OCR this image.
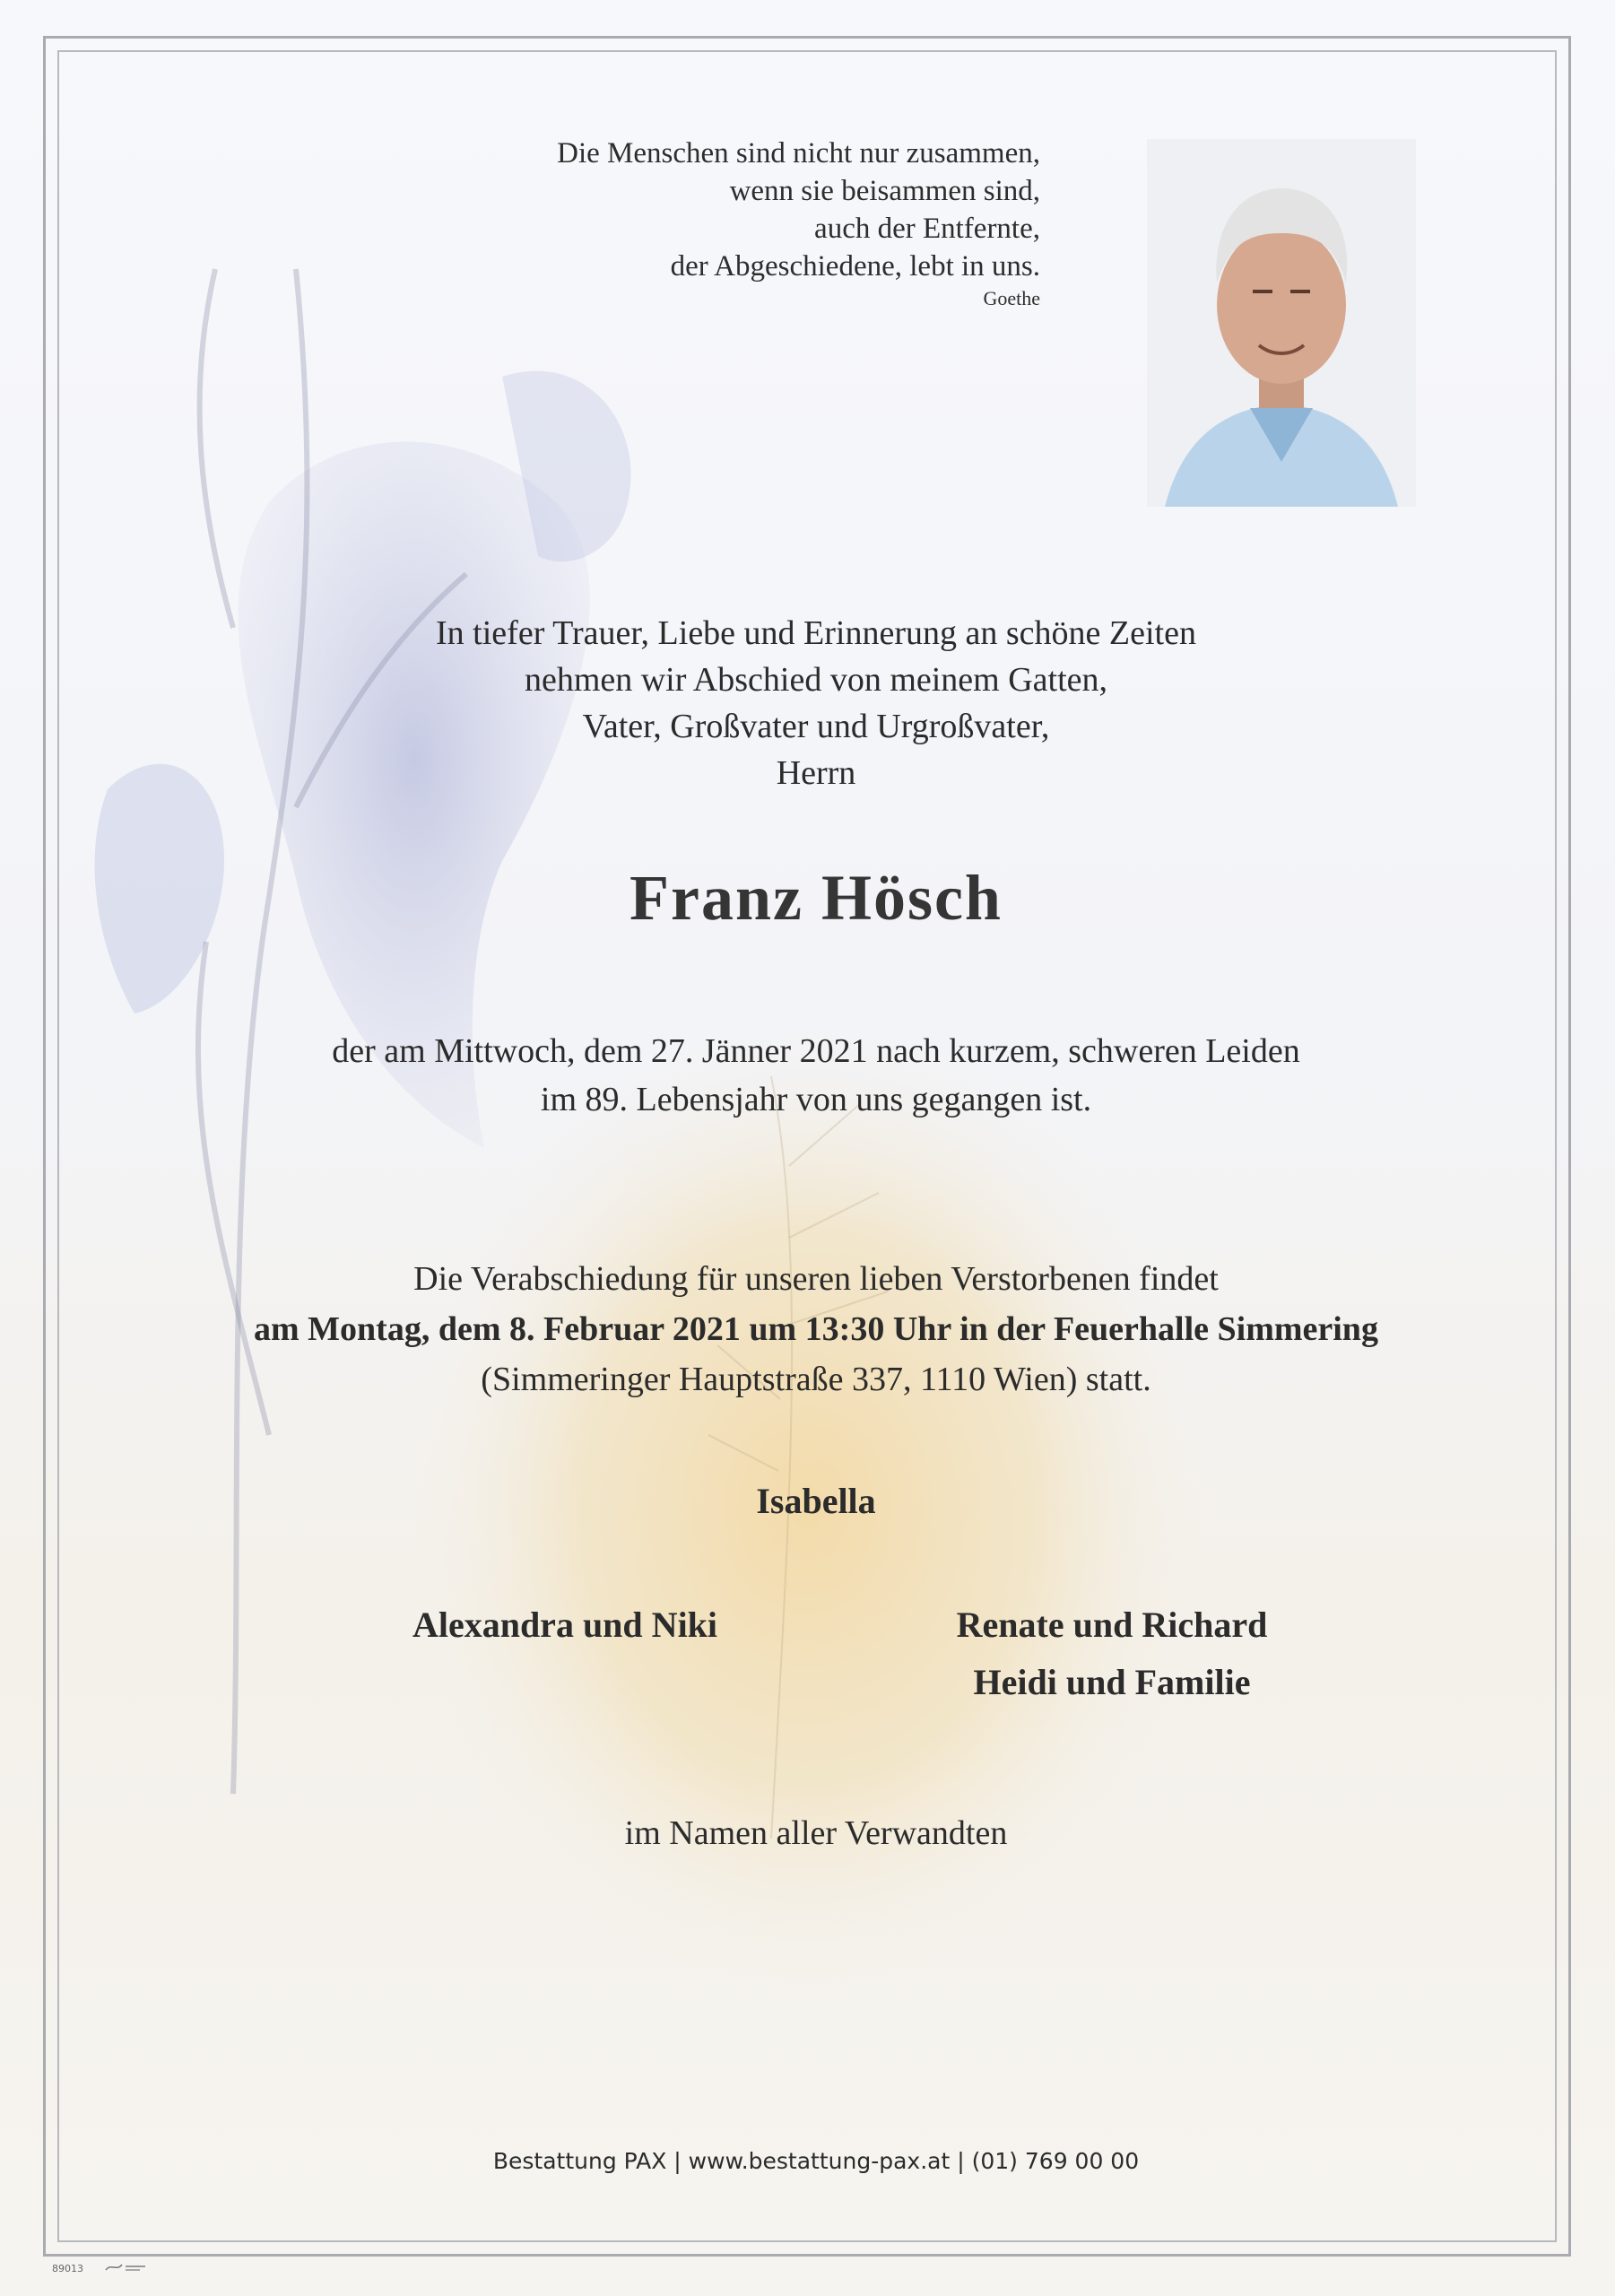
Die Menschen sind nicht nur zusammen,
wenn sie beisammen sind,
auch der Entfernte,
der Abgeschiedene, lebt in uns.
Goethe
In tiefer Trauer, Liebe und Erinnerung an schöne Zeiten
nehmen wir Abschied von meinem Gatten,
Vater, Großvater und Urgroßvater,
Herrn
Franz Hösch
der am Mittwoch, dem 27. Jänner 2021 nach kurzem, schweren Leiden
im 89. Lebensjahr von uns gegangen ist.
Die Verabschiedung für unseren lieben Verstorbenen findet
am Montag, dem 8. Februar 2021 um 13:30 Uhr in der Feuerhalle Simmering
(Simmeringer Hauptstraße 337, 1110 Wien) statt.
Isabella
Alexandra und Niki	Renate und Richard
Heidi und Familie
im Namen aller Verwandten
Bestattung PAX | www.bestattung-pax.at | (01) 769 00 00
89013
